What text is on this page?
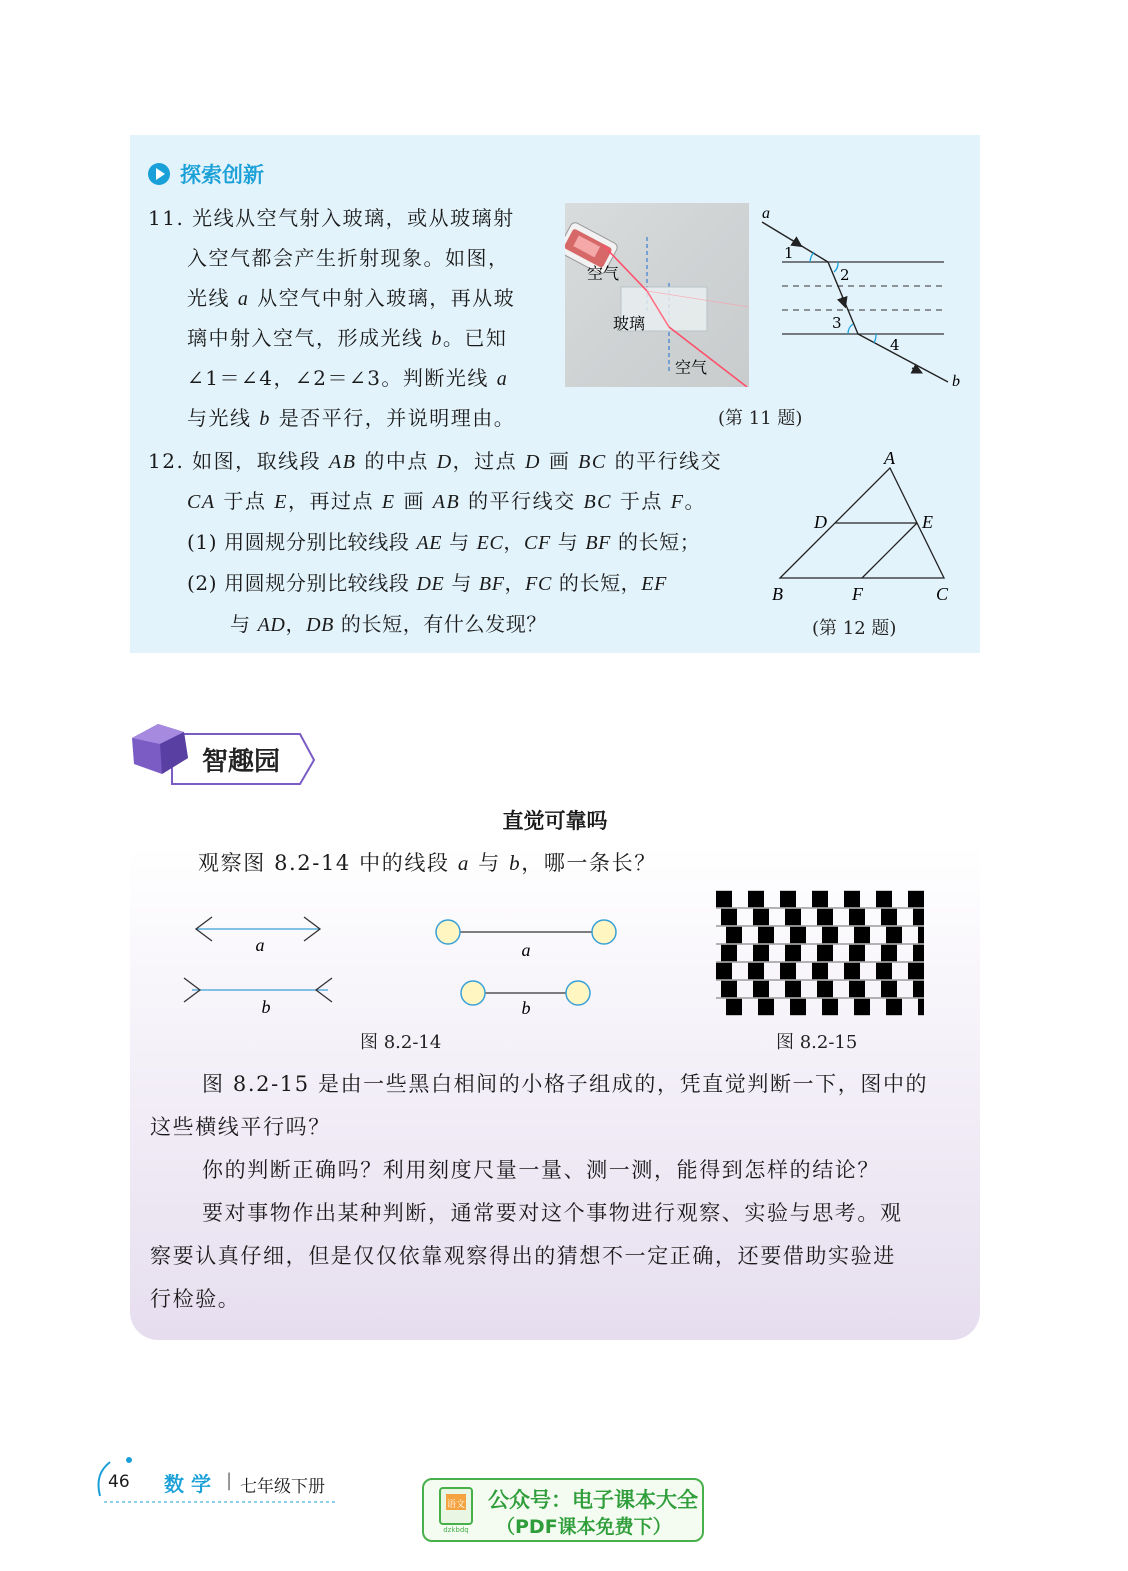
探索创新
11. 光线从空气射入玻璃，或从玻璃射
入空气都会产生折射现象。如图，
光线 a 从空气中射入玻璃，再从玻
璃中射入空气，形成光线 b。已知
∠1＝∠4，∠2＝∠3。判断光线 a
与光线 b 是否平行，并说明理由。
空气
玻璃
空气
a
b
1
2
3
4
(第 11 题)
12. 如图，取线段 AB 的中点 D，过点 D 画 BC 的平行线交
CA 于点 E，再过点 E 画 AB 的平行线交 BC 于点 F。
(1) 用圆规分别比较线段 AE 与 EC，CF 与 BF 的长短；
(2) 用圆规分别比较线段 DE 与 BF，FC 的长短，EF
与 AD，DB 的长短，有什么发现？
A
B	C
D	E
F
(第 12 题)
智趣园
直觉可靠吗
观察图 8.2-14 中的线段 a 与 b，哪一条长？
a
b
a
b
图 8.2-14	图 8.2-15
图 8.2-15 是由一些黑白相间的小格子组成的，凭直觉判断一下，图中的
这些横线平行吗？
你的判断正确吗？利用刻度尺量一量、测一测，能得到怎样的结论？
要对事物作出某种判断，通常要对这个事物进行观察、实验与思考。观
察要认真仔细，但是仅仅依靠观察得出的猜想不一定正确，还要借助实验进
行检验。
46 数 学 | 七年级下册
语文
dzkbdq
公众号：电子课本大全
（PDF课本免费下）
